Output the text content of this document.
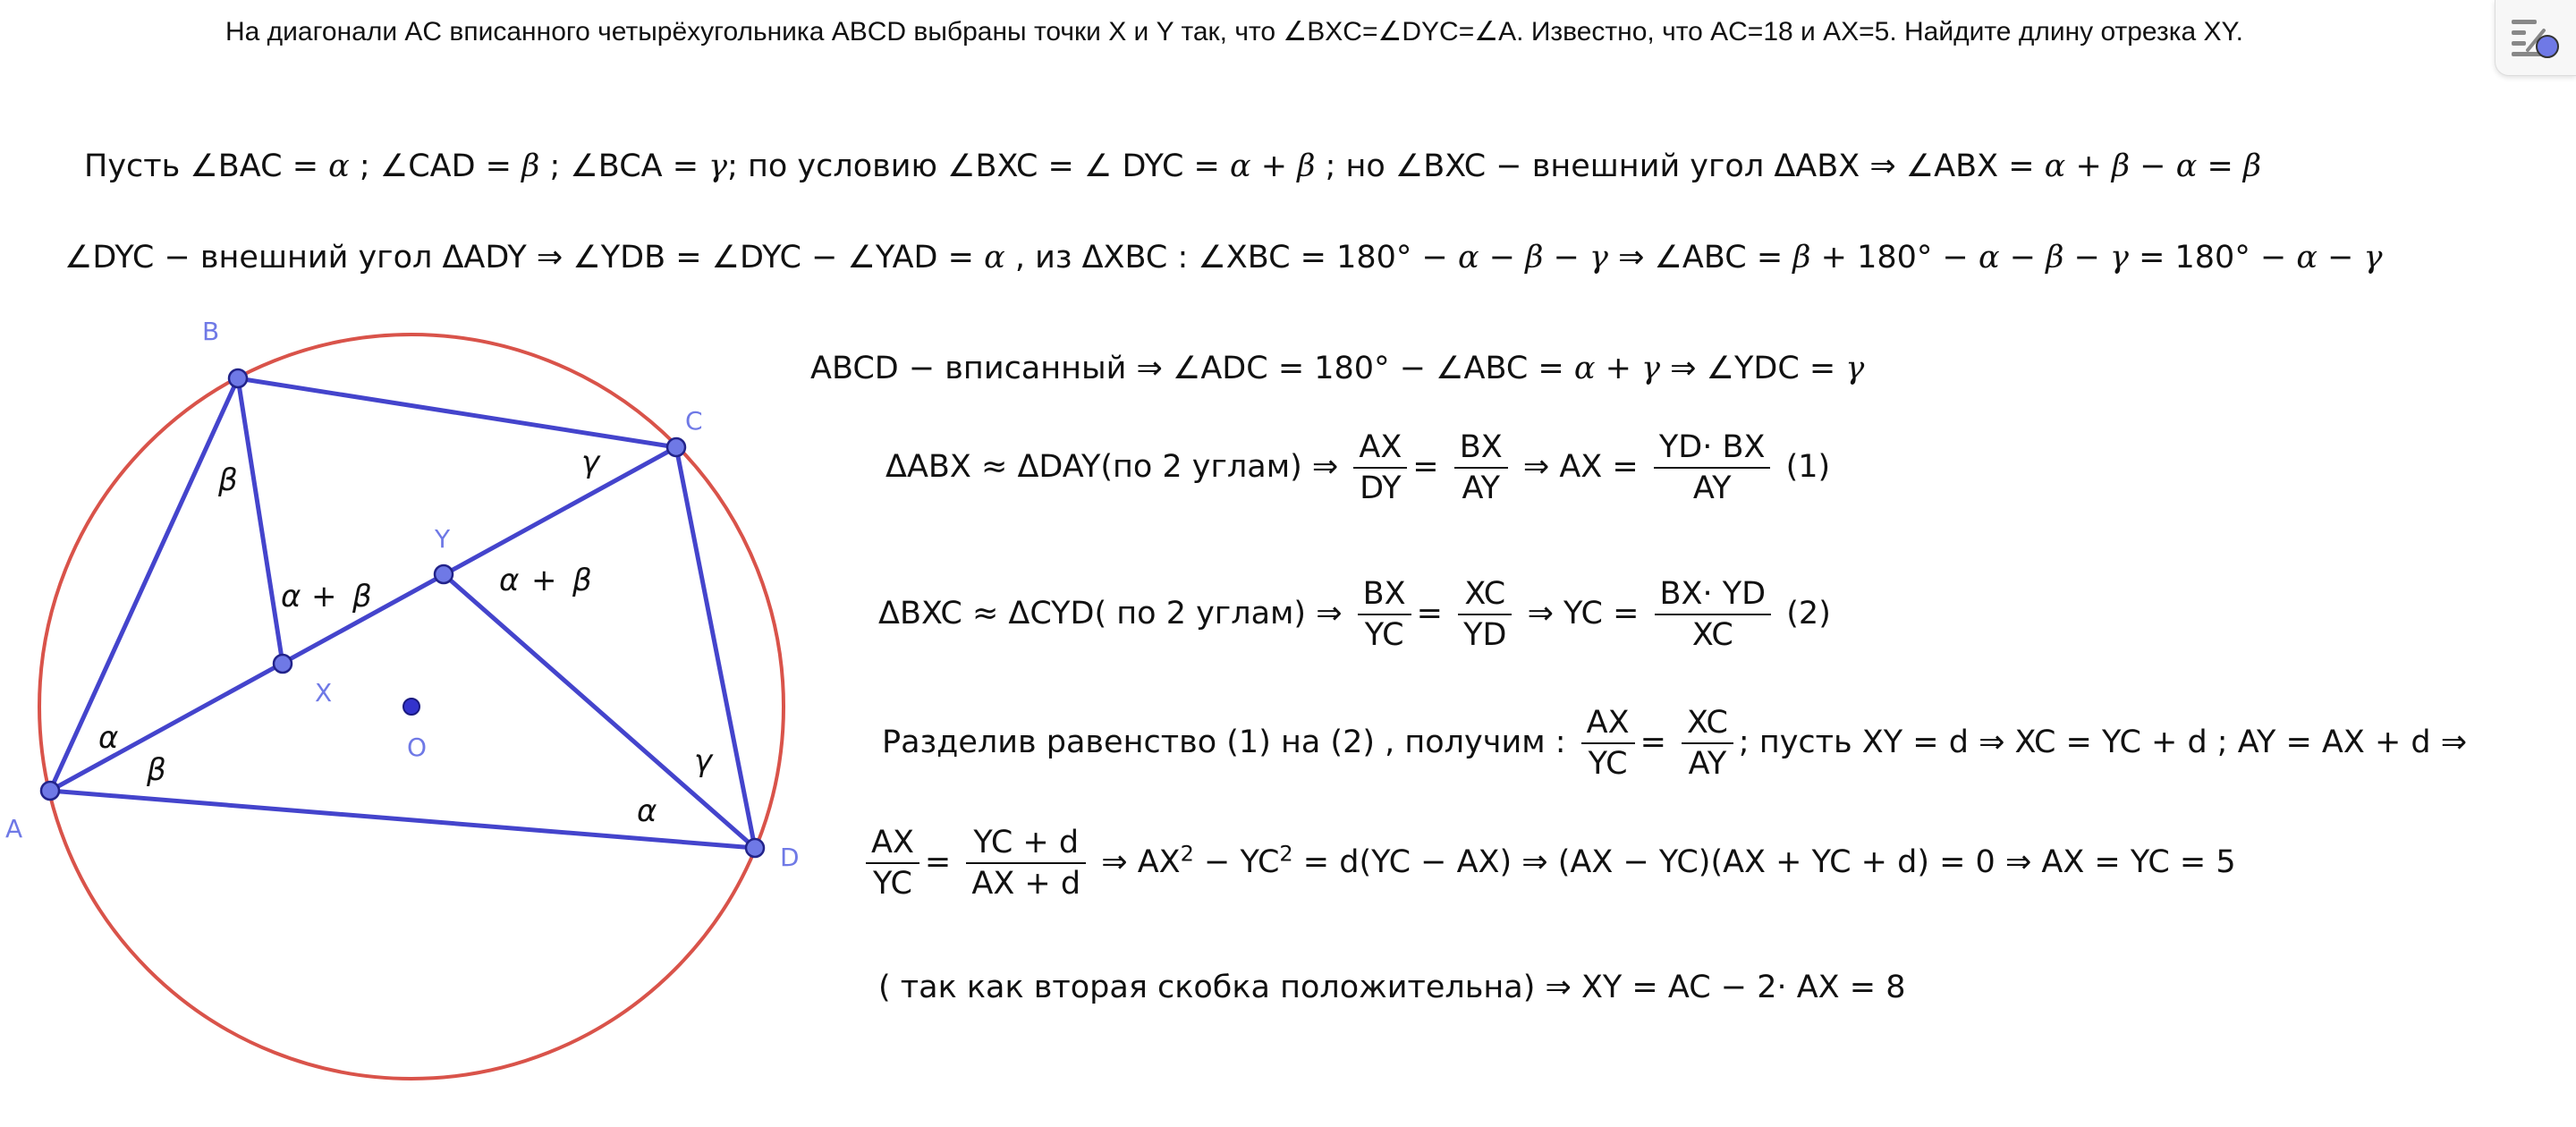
На диагонали AC вписанного четырёхугольника ABCD выбраны точки X и Y так, что ∠BXC=∠DYC=∠A. Известно, что AC=18 и AX=5. Найдите длину отрезка XY.
Пусть ∠BAC = α ; ∠CAD = β ; ∠BCA = γ; по условию ∠BXC = ∠ DYC = α + β ; но ∠BXC − внешний угол ΔABX ⇒ ∠ABX = α + β − α = β
∠DYC − внешний угол ΔADY ⇒ ∠YDB = ∠DYC − ∠YAD = α , из ΔXBC : ∠XBC = 180° − α − β − γ ⇒ ∠ABC = β + 180° − α − β − γ = 180° − α − γ
ABCD − вписанный ⇒ ∠ADC = 180° − ∠ABC = α + γ ⇒ ∠YDC = γ
ΔABX ≈ ΔDAY(по 2 углам) ⇒ $\frac{AX}{DY} = \frac{BX}{AY}$ ⇒ AX = $\frac{YD\cdot BX}{AY} (1)$
ΔBXC ≈ ΔCYD( по 2 углам) ⇒ $\frac{BX}{YC} = \frac{XC}{YD}$ ⇒ YC = $\frac{BX\cdot YD}{XC} (2)$
Разделив равенство (1) на (2) , получим : $\frac{AX}{YC} = \frac{XC}{AY}$ ; пусть XY = d ⇒ XC = YC + d ; AY = AX + d ⇒
$\frac{AX}{YC} = \frac{YC + d}{AX + d}$ ⇒ $AX^2 - YC^2 = d(YC - AX)$ ⇒ (AX − YC)(AX + YC + d) = 0 ⇒ AX = YC = 5
( так как вторая скобка положительна) ⇒ XY = AC − 2· AX = 8
A
B
C
D
X
Y
O
β	γ
α
β
α + β	α + β
γ
α
